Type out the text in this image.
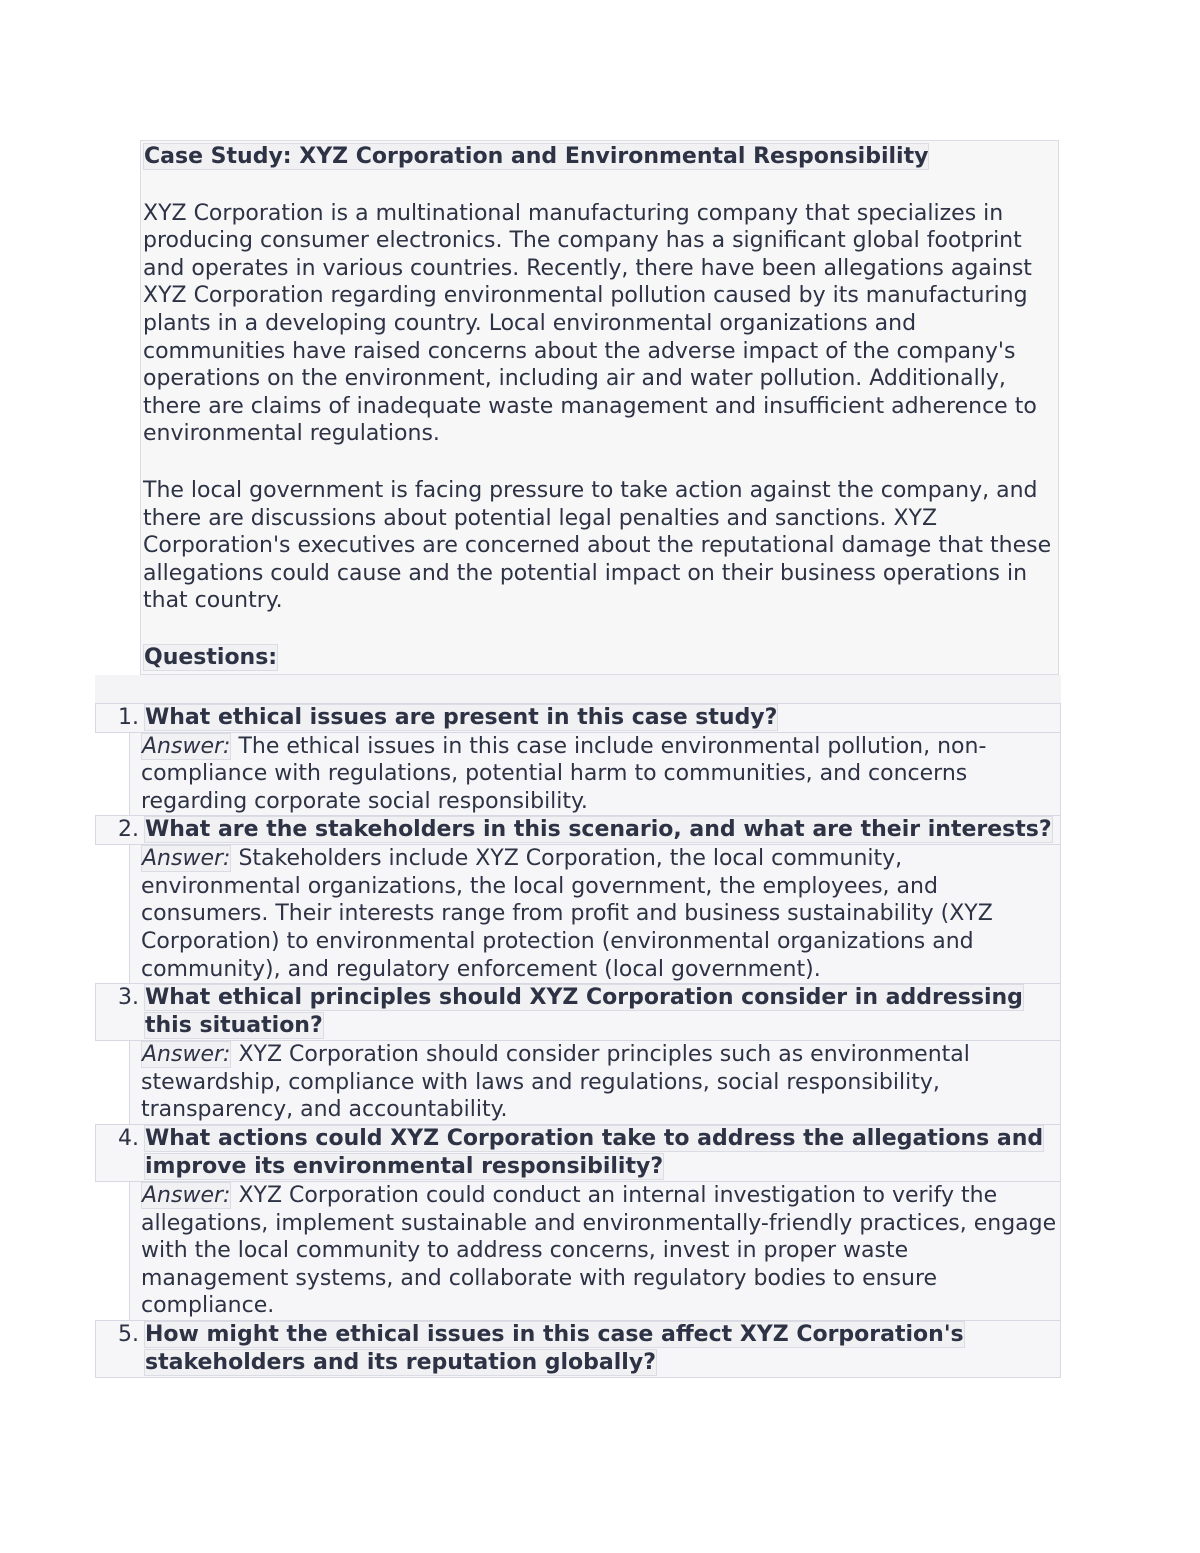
Case Study: XYZ Corporation and Environmental Responsibility

XYZ Corporation is a multinational manufacturing company that specializes in producing consumer electronics. The company has a significant global footprint and operates in various countries. Recently, there have been allegations against XYZ Corporation regarding environmental pollution caused by its manufacturing plants in a developing country. Local environmental organizations and communities have raised concerns about the adverse impact of the company's operations on the environment, including air and water pollution. Additionally, there are claims of inadequate waste management and insufficient adherence to environmental regulations.

The local government is facing pressure to take action against the company, and there are discussions about potential legal penalties and sanctions. XYZ Corporation's executives are concerned about the reputational damage that these allegations could cause and the potential impact on their business operations in that country.

Questions:

1. What ethical issues are present in this case study?
Answer: The ethical issues in this case include environmental pollution, non-compliance with regulations, potential harm to communities, and concerns regarding corporate social responsibility.
2. What are the stakeholders in this scenario, and what are their interests?
Answer: Stakeholders include XYZ Corporation, the local community, environmental organizations, the local government, the employees, and consumers. Their interests range from profit and business sustainability (XYZ Corporation) to environmental protection (environmental organizations and community), and regulatory enforcement (local government).
3. What ethical principles should XYZ Corporation consider in addressing this situation?
Answer: XYZ Corporation should consider principles such as environmental stewardship, compliance with laws and regulations, social responsibility, transparency, and accountability.
4. What actions could XYZ Corporation take to address the allegations and improve its environmental responsibility?
Answer: XYZ Corporation could conduct an internal investigation to verify the allegations, implement sustainable and environmentally-friendly practices, engage with the local community to address concerns, invest in proper waste management systems, and collaborate with regulatory bodies to ensure compliance.
5. How might the ethical issues in this case affect XYZ Corporation's stakeholders and its reputation globally?
